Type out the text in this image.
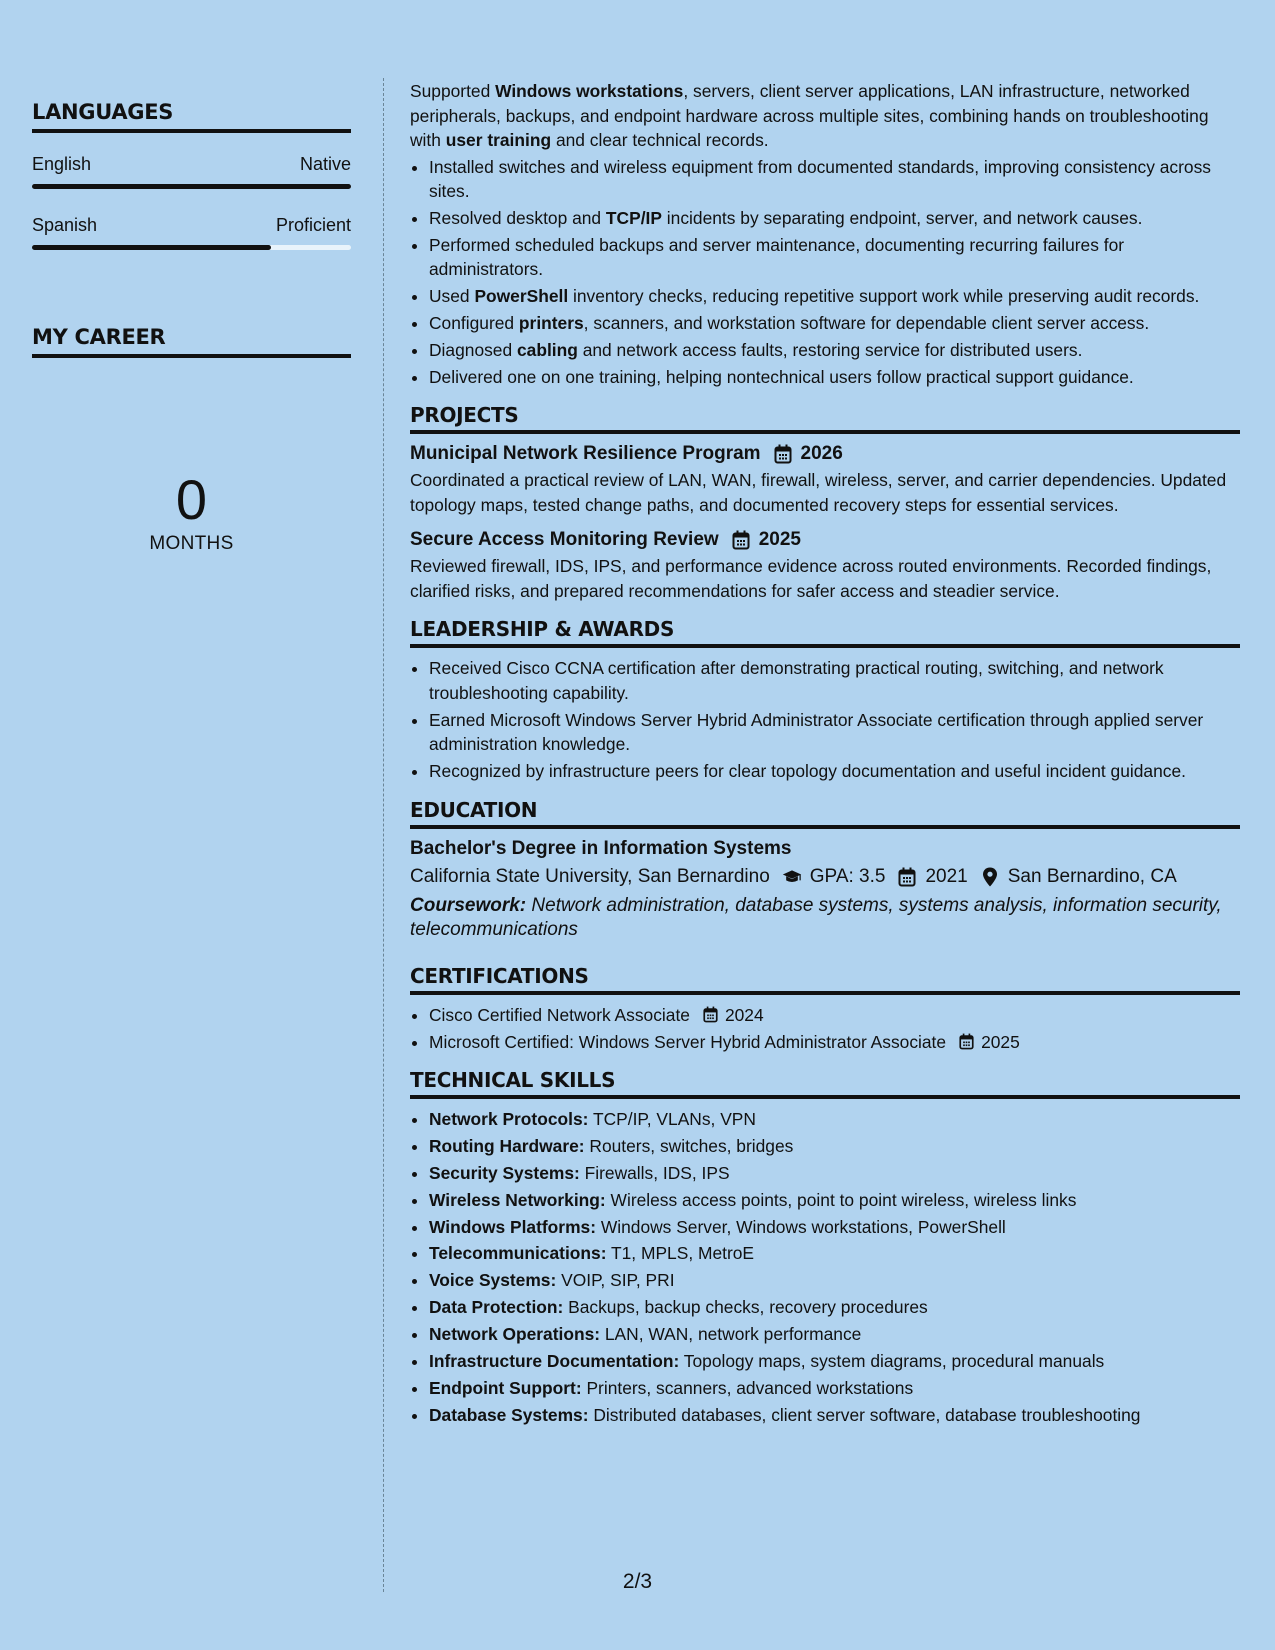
LANGUAGES
English	Native
Spanish	Proficient
MY CAREER
0
MONTHS

Supported Windows workstations, servers, client server applications, LAN infrastructure, networked peripherals, backups, and endpoint hardware across multiple sites, combining hands on troubleshooting with user training and clear technical records.

• Installed switches and wireless equipment from documented standards, improving consistency across sites.
• Resolved desktop and TCP/IP incidents by separating endpoint, server, and network causes.
• Performed scheduled backups and server maintenance, documenting recurring failures for administrators.
• Used PowerShell inventory checks, reducing repetitive support work while preserving audit records.
• Configured printers, scanners, and workstation software for dependable client server access.
• Diagnosed cabling and network access faults, restoring service for distributed users.
• Delivered one on one training, helping nontechnical users follow practical support guidance.
PROJECTS
Municipal Network Resilience Program 2026
Coordinated a practical review of LAN, WAN, firewall, wireless, server, and carrier dependencies. Updated topology maps, tested change paths, and documented recovery steps for essential services.
Secure Access Monitoring Review 2025
Reviewed firewall, IDS, IPS, and performance evidence across routed environments. Recorded findings, clarified risks, and prepared recommendations for safer access and steadier service.
LEADERSHIP & AWARDS
• Received Cisco CCNA certification after demonstrating practical routing, switching, and network troubleshooting capability.
• Earned Microsoft Windows Server Hybrid Administrator Associate certification through applied server administration knowledge.
• Recognized by infrastructure peers for clear topology documentation and useful incident guidance.
EDUCATION
Bachelor's Degree in Information Systems
California State University, San Bernardino GPA: 3.5 2021 San Bernardino, CA
Coursework: Network administration, database systems, systems analysis, information security, telecommunications
CERTIFICATIONS
• Cisco Certified Network Associate 2024
• Microsoft Certified: Windows Server Hybrid Administrator Associate 2025
TECHNICAL SKILLS
• Network Protocols: TCP/IP, VLANs, VPN
• Routing Hardware: Routers, switches, bridges
• Security Systems: Firewalls, IDS, IPS
• Wireless Networking: Wireless access points, point to point wireless, wireless links
• Windows Platforms: Windows Server, Windows workstations, PowerShell
• Telecommunications: T1, MPLS, MetroE
• Voice Systems: VOIP, SIP, PRI
• Data Protection: Backups, backup checks, recovery procedures
• Network Operations: LAN, WAN, network performance
• Infrastructure Documentation: Topology maps, system diagrams, procedural manuals
• Endpoint Support: Printers, scanners, advanced workstations
• Database Systems: Distributed databases, client server software, database troubleshooting
2/3
